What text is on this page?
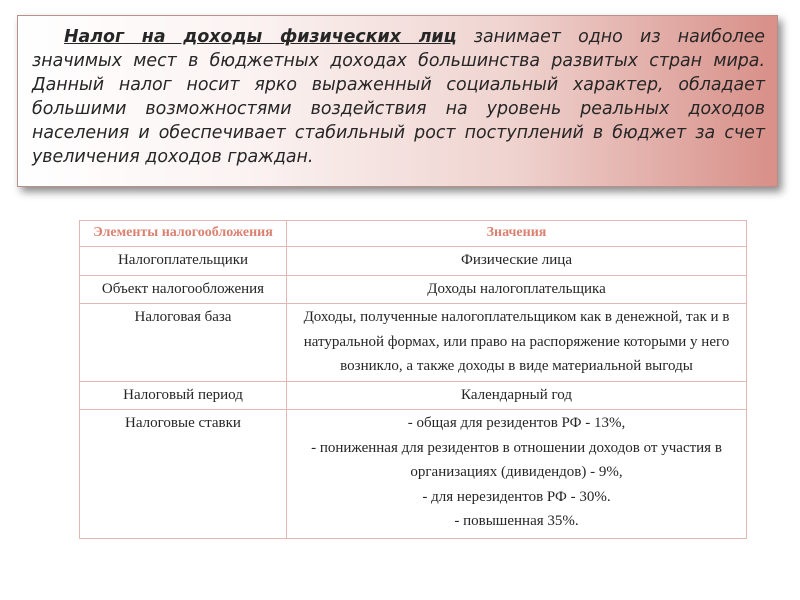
Налог на доходы физических лиц занимает одно из наиболее значимых мест в бюджетных доходах большинства развитых стран мира. Данный налог носит ярко выраженный социальный характер, обладает большими возможностями воздействия на уровень реальных доходов населения и обеспечивает стабильный рост поступлений в бюджет за счет увеличения доходов граждан.

Элементы налогообложения	Значения
Налогоплательщики	Физические лица
Объект налогообложения	Доходы налогоплательщика
Налоговая база	Доходы, полученные налогоплательщиком как в денежной, так и в натуральной формах, или право на распоряжение которыми у него возникло, а также доходы в виде материальной выгоды
Налоговый период	Календарный год
Налоговые ставки	- общая для резидентов РФ - 13%,
- пониженная для резидентов в отношении доходов от участия в организациях (дивидендов) - 9%,
- для нерезидентов РФ - 30%.
- повышенная 35%.
